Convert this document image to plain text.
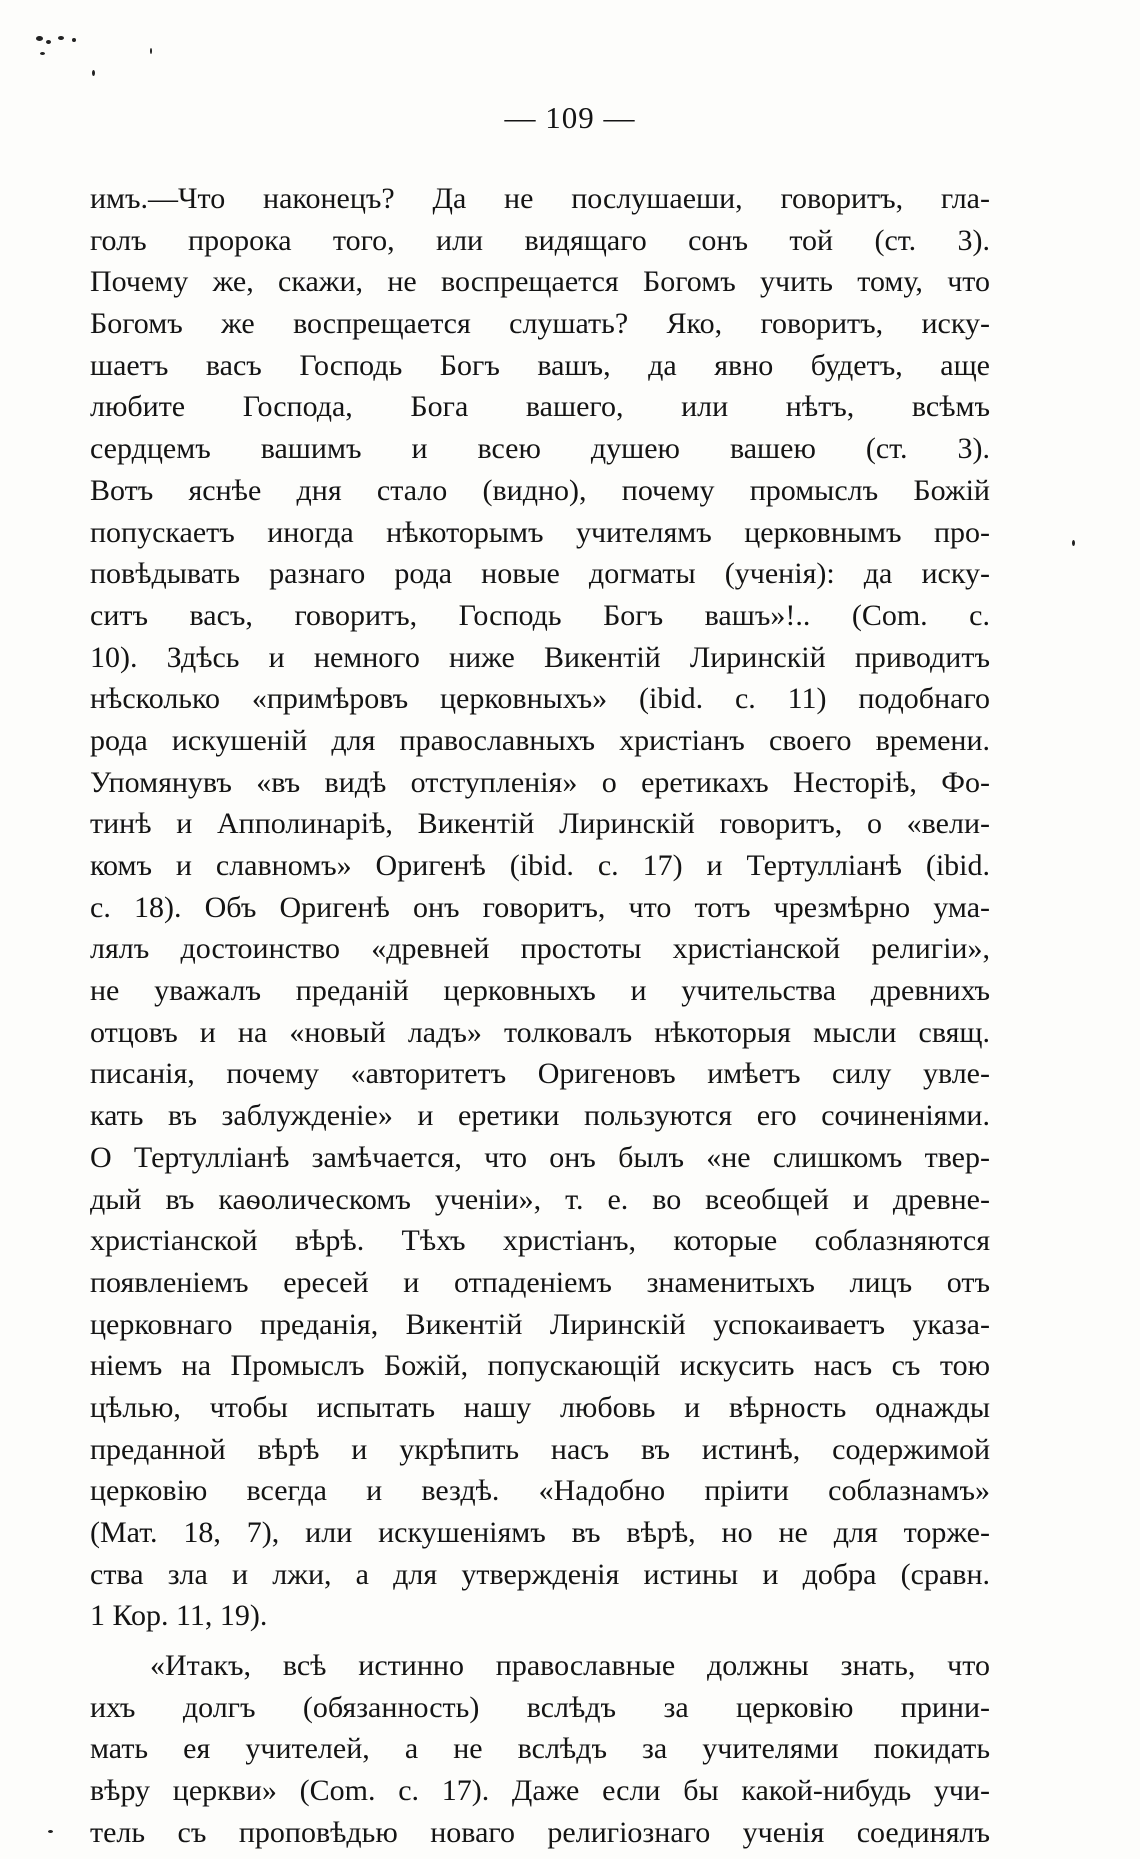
— 109 —
имъ.—Что наконецъ? Да не послушаеши, говоритъ, гла-
голъ пророка того, или видящаго сонъ той (ст. 3).
Почему же, скажи, не воспрещается Богомъ учить тому, что
Богомъ же воспрещается слушать? Яко, говоритъ, иску-
шаетъ васъ Господь Богъ вашъ, да явно будетъ, аще
любите Господа, Бога вашего, или нѣтъ, всѣмъ
сердцемъ вашимъ и всею душею вашею (ст. 3).
Вотъ яснѣе дня стало (видно), почему промыслъ Божій
попускаетъ иногда нѣкоторымъ учителямъ церковнымъ про-
повѣдывать разнаго рода новые догматы (ученія): да иску-
ситъ васъ, говоритъ, Господь Богъ вашъ»!.. (Com. c.
10). Здѣсь и немного ниже Викентій Лиринскій приводитъ
нѣсколько «примѣровъ церковныхъ» (ibid. c. 11) подобнаго
рода искушеній для православныхъ христіанъ своего времени.
Упомянувъ «въ видѣ отступленія» о еретикахъ Несторіѣ, Фо-
тинѣ и Апполинаріѣ, Викентій Лиринскій говоритъ, о «вели-
комъ и славномъ» Оригенѣ (ibid. c. 17) и Тертулліанѣ (ibid.
c. 18). Объ Оригенѣ онъ говоритъ, что тотъ чрезмѣрно ума-
лялъ достоинство «древней простоты христіанской религіи»,
не уважалъ преданій церковныхъ и учительства древнихъ
отцовъ и на «новый ладъ» толковалъ нѣкоторыя мысли свящ.
писанія, почему «авторитетъ Оригеновъ имѣетъ силу увле-
кать въ заблужденіе» и еретики пользуются его сочиненіями.
О Тертулліанѣ замѣчается, что онъ былъ «не слишкомъ твер-
дый въ каѳолическомъ ученіи», т. е. во всеобщей и древне-
христіанской вѣрѣ. Тѣхъ христіанъ, которые соблазняются
появленіемъ ересей и отпаденіемъ знаменитыхъ лицъ отъ
церковнаго преданія, Викентій Лиринскій успокаиваетъ указа-
ніемъ на Промыслъ Божій, попускающій искусить насъ съ тою
цѣлью, чтобы испытать нашу любовь и вѣрность однажды
преданной вѣрѣ и укрѣпить насъ въ истинѣ, содержимой
церковію всегда и вездѣ. «Надобно пріити соблазнамъ»
(Мат. 18, 7), или искушеніямъ въ вѣрѣ, но не для торже-
ства зла и лжи, а для утвержденія истины и добра (сравн.
1 Кор. 11, 19).
«Итакъ, всѣ истинно православные должны знать, что
ихъ долгъ (обязанность) вслѣдъ за церковію прини-
мать ея учителей, а не вслѣдъ за учителями покидать
вѣру церкви» (Com. c. 17). Даже если бы какой-нибудь учи-
тель съ проповѣдью новаго религіознаго ученія соединялъ
